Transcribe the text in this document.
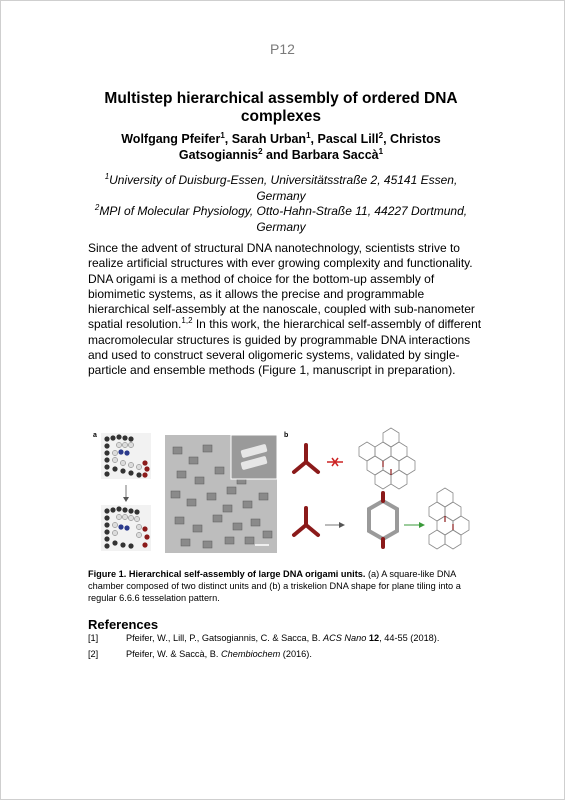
P12
Multistep hierarchical assembly of ordered DNA complexes
Wolfgang Pfeifer$^1$, Sarah Urban$^1$, Pascal Lill$^2$, Christos Gatsogiannis$^2$ and Barbara Saccà$^1$
$^1$University of Duisburg-Essen, Universitätsstraße 2, 45141 Essen, Germany
$^2$MPI of Molecular Physiology, Otto-Hahn-Straße 11, 44227 Dortmund, Germany
Since the advent of structural DNA nanotechnology, scientists strive to realize artificial structures with ever growing complexity and functionality. DNA origami is a method of choice for the bottom-up assembly of biomimetic systems, as it allows the precise and programmable hierarchical self-assembly at the nanoscale, coupled with sub-nanometer spatial resolution.$^{1,2}$ In this work, the hierarchical self-assembly of different macromolecular structures is guided by programmable DNA interactions and used to construct several oligomeric systems, validated by single-particle and ensemble methods (Figure 1, manuscript in preparation).
a	b
Figure 1. Hierarchical self-assembly of large DNA origami units. (a) A square-like DNA chamber composed of two distinct units and (b) a triskelion DNA shape for plane tiling into a regular 6.6.6 tesselation pattern.
References
[1]	Pfeifer, W., Lill, P., Gatsogiannis, C. & Sacca, B. ACS Nano 12, 44-55 (2018).
[2]	Pfeifer, W. & Saccà, B. Chembiochem (2016).
